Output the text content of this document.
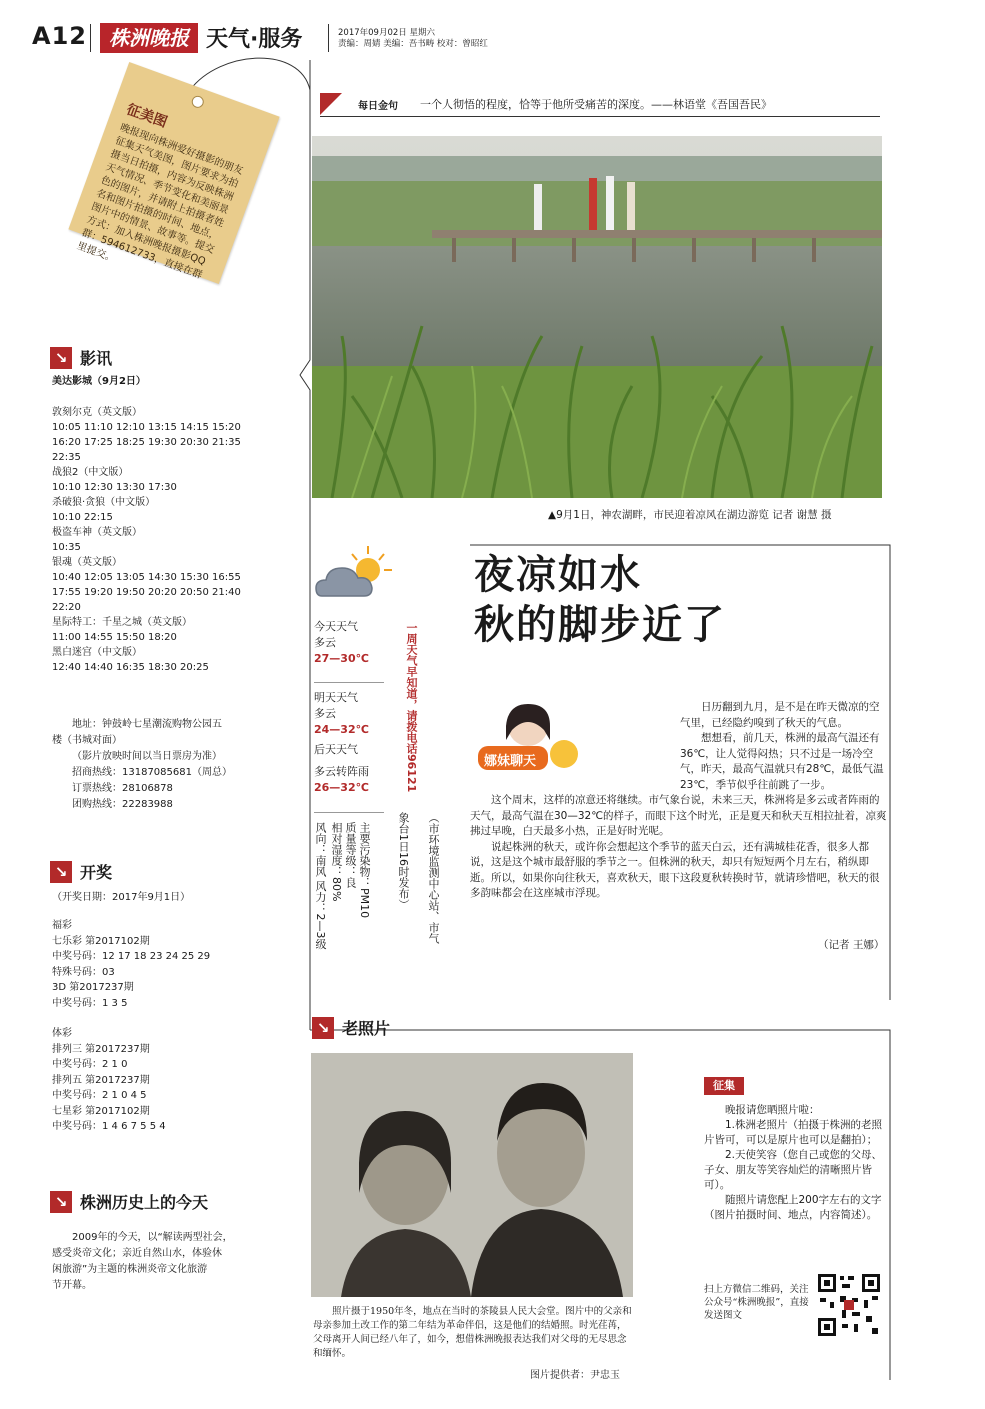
A12	株洲晚报 天气·服务	2017年09月02日 星期六
责编：周婧 美编：吾书畴 校对：曾昭红
征美图
晚报现向株洲爱好摄影的朋友征集天气美图，图片要求为拍摄当日拍摄，内容为反映株洲天气情况、季节变化和美丽景色的图片，并请附上拍摄者姓名和图片拍摄的时间、地点，图片中的情景、故事等。提交方式：加入株洲晚报摄影QQ群：594612733，直接在群里提交。
↘ 影讯
美达影城（9月2日）
敦刻尔克（英文版）
10:05 11:10 12:10 13:15 14:15 15:20
16:20 17:25 18:25 19:30 20:30 21:35
22:35
战狼2（中文版）
10:10 12:30 13:30 17:30
杀破狼·贪狼（中文版）
10:10 22:15
极盗车神（英文版）
10:35
银魂（英文版）
10:40 12:05 13:05 14:30 15:30 16:55
17:55 19:20 19:50 20:20 20:50 21:40
22:20
星际特工：千星之城（英文版）
11:00 14:55 15:50 18:20
黑白迷宫（中文版）
12:40 14:40 16:35 18:30 20:25
地址：钟鼓岭七星潮流购物公园五
楼（书城对面）
（影片放映时间以当日票房为准）
招商热线：13187085681（周总）
订票热线：28106878
团购热线：22283988
↘ 开奖
（开奖日期：2017年9月1日）
福彩
七乐彩 第2017102期
中奖号码：12 17 18 23 24 25 29
特殊号码：03
3D 第2017237期
中奖号码：1 3 5
体彩
排列三 第2017237期
中奖号码：2 1 0
排列五 第2017237期
中奖号码：2 1 0 4 5
七星彩 第2017102期
中奖号码：1 4 6 7 5 5 4
↘ 株洲历史上的今天
2009年的今天，以“解读两型社会，
感受炎帝文化；亲近自然山水，体验休
闲旅游”为主题的株洲炎帝文化旅游
节开幕。
每日金句 一个人彻悟的程度，恰等于他所受痛苦的深度。——林语堂《吾国吾民》
▲9月1日，神农湖畔，市民迎着凉风在湖边游览 记者 谢慧 摄
夜凉如水
秋的脚步近了
今天天气
多云
27—30℃
明天天气
多云
24—32℃
后天天气
多云转阵雨
26—32℃	一周天气早知道，请拨电话96121
（市环境监测中心站、市气
象台1日16时发布）
主要污染物：PM10
质量等级：良
相对湿度：80%
风向：南风 风力：2—3级
娜妹聊天

日历翻到九月，是不是在昨天微凉的空气里，已经隐约嗅到了秋天的气息。

想想看，前几天，株洲的最高气温还有36℃，让人觉得闷热；只不过是一场冷空气，昨天，最高气温就只有28℃，最低气温23℃，季节似乎往前跳了一步。

这个周末，这样的凉意还将继续。市气象台说，未来三天，株洲将是多云或者阵雨的天气，最高气温在30—32℃的样子，而眼下这个时光，正是夏天和秋天互相拉扯着，凉爽拂过早晚，白天最多小热，正是好时光呢。

说起株洲的秋天，或许你会想起这个季节的蓝天白云，还有满城桂花香，很多人都说，这是这个城市最舒服的季节之一。但株洲的秋天，却只有短短两个月左右，稍纵即逝。所以，如果你向往秋天，喜欢秋天，眼下这段夏秋转换时节，就请珍惜吧，秋天的很多韵味都会在这座城市浮现。

（记者 王娜）
↘ 老照片
照片摄于1950年冬，地点在当时的茶陵县人民大会堂。图片中的父亲和母亲参加土改工作的第二年结为革命伴侣，这是他们的结婚照。时光荏苒，父母离开人间已经八年了，如今，想借株洲晚报表达我们对父母的无尽思念和缅怀。
图片提供者：尹忠玉
征集
晚报请您晒照片啦：
1.株洲老照片（拍摄于株洲的老照片皆可，可以是原片也可以是翻拍）；
2.天使笑容（您自己或您的父母、子女、朋友等笑容灿烂的清晰照片皆可）。
随照片请您配上200字左右的文字（图片拍摄时间、地点，内容简述）。
扫上方微信二维码，关注公众号“株洲晚报”，直接发送图文
